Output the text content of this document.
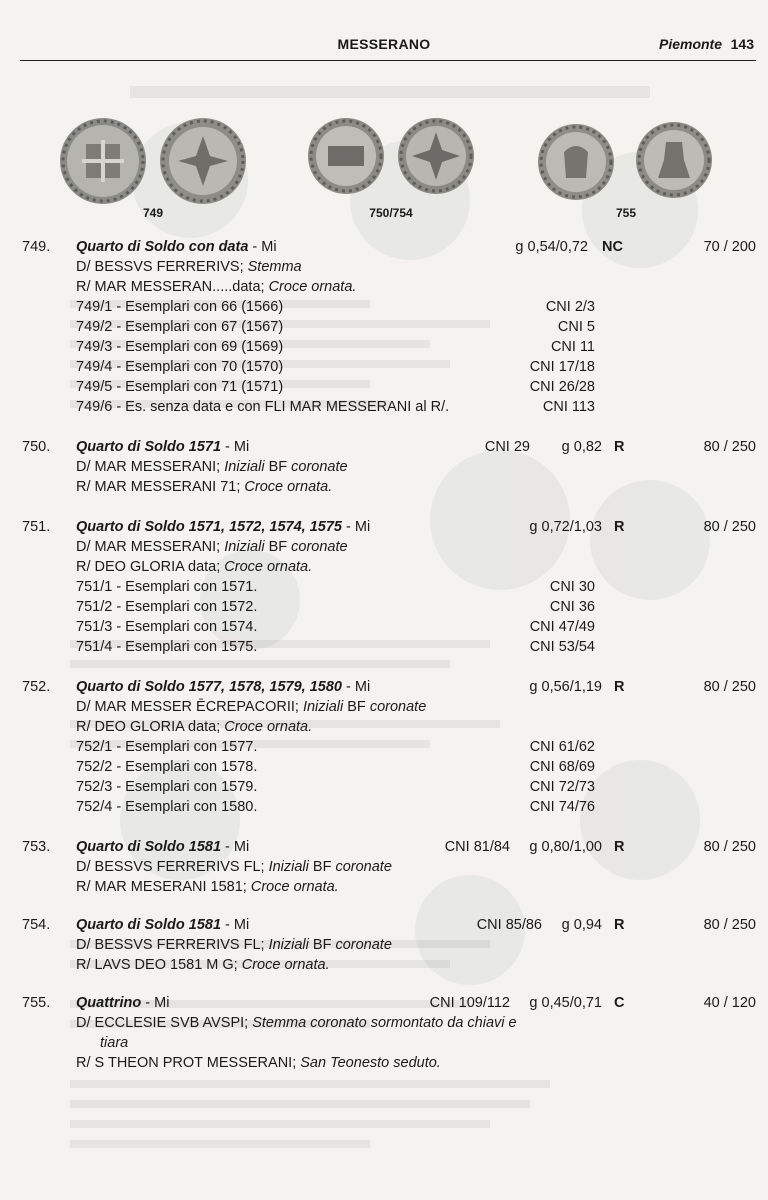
MESSERANO	Piemonte 143
749	750/754	755
749. Quarto di Soldo con data - Mi	g 0,54/0,72 NC	70 / 200
D/ BESSVS FERRERIVS; Stemma
R/ MAR MESSERAN.....data; Croce ornata.
749/1 - Esemplari con 66 (1566)	CNI 2/3
749/2 - Esemplari con 67 (1567)	CNI 5
749/3 - Esemplari con 69 (1569)	CNI 11
749/4 - Esemplari con 70 (1570)	CNI 17/18
749/5 - Esemplari con 71 (1571)	CNI 26/28
749/6 - Es. senza data e con FLI MAR MESSERANI al R/.	CNI 113
750. Quarto di Soldo 1571 - Mi	CNI 29	g 0,82 R	80 / 250
D/ MAR MESSERANI; Iniziali BF coronate
R/ MAR MESSERANI 71; Croce ornata.
751. Quarto di Soldo 1571, 1572, 1574, 1575 - Mi	g 0,72/1,03 R	80 / 250
D/ MAR MESSERANI; Iniziali BF coronate
R/ DEO GLORIA data; Croce ornata.
751/1 - Esemplari con 1571.	CNI 30
751/2 - Esemplari con 1572.	CNI 36
751/3 - Esemplari con 1574.	CNI 47/49
751/4 - Esemplari con 1575.	CNI 53/54
752. Quarto di Soldo 1577, 1578, 1579, 1580 - Mi	g 0,56/1,19 R	80 / 250
D/ MAR MESSER ĒCREPACORII; Iniziali BF coronate
R/ DEO GLORIA data; Croce ornata.
752/1 - Esemplari con 1577.	CNI 61/62
752/2 - Esemplari con 1578.	CNI 68/69
752/3 - Esemplari con 1579.	CNI 72/73
752/4 - Esemplari con 1580.	CNI 74/76
753. Quarto di Soldo 1581 - Mi	CNI 81/84	g 0,80/1,00 R	80 / 250
D/ BESSVS FERRERIVS FL; Iniziali BF coronate
R/ MAR MESERANI 1581; Croce ornata.
754. Quarto di Soldo 1581 - Mi	CNI 85/86	g 0,94 R	80 / 250
D/ BESSVS FERRERIVS FL; Iniziali BF coronate
R/ LAVS DEO 1581 M G; Croce ornata.
755. Quattrino - Mi	CNI 109/112	g 0,45/0,71 C	40 / 120
D/ ECCLESIE SVB AVSPI; Stemma coronato sormontato da chiavi e
tiara
R/ S THEON PROT MESSERANI; San Teonesto seduto.
